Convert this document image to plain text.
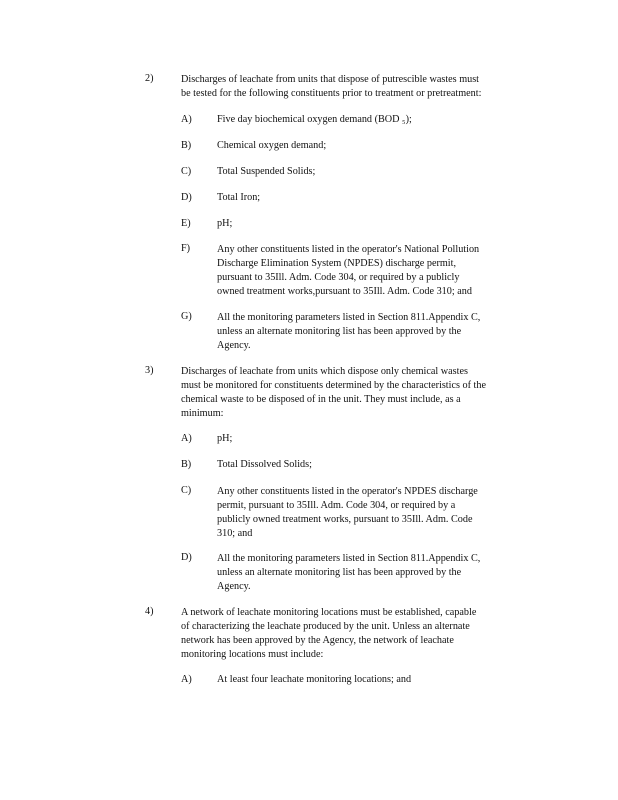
2)	Discharges of leachate from units that dispose of putrescible wastes must
be tested for the following constituents prior to treatment or pretreatment:
A) Five day biochemical oxygen demand (BOD ₅);
B)	Chemical oxygen demand;
C)	Total Suspended Solids;
D) Total Iron;
E)	pH;
F)	Any other constituents listed in the operator's National Pollution
Discharge Elimination System (NPDES) discharge permit,
pursuant to 35Ill. Adm. Code 304, or required by a publicly
owned treatment works,pursuant to 35Ill. Adm. Code 310; and
G) All the monitoring parameters listed in Section 811.Appendix C,
unless an alternate monitoring list has been approved by the
Agency.
3)	Discharges of leachate from units which dispose only chemical wastes
must be monitored for constituents determined by the characteristics of the
chemical waste to be disposed of in the unit. They must include, as a
minimum:
A) pH;
B)	Total Dissolved Solids;
C)	Any other constituents listed in the operator's NPDES discharge
permit, pursuant to 35Ill. Adm. Code 304, or required by a
publicly owned treatment works, pursuant to 35Ill. Adm. Code
310; and
D) All the monitoring parameters listed in Section 811.Appendix C,
unless an alternate monitoring list has been approved by the
Agency.
4)	A network of leachate monitoring locations must be established, capable
of characterizing the leachate produced by the unit. Unless an alternate
network has been approved by the Agency, the network of leachate
monitoring locations must include:
A) At least four leachate monitoring locations; and
